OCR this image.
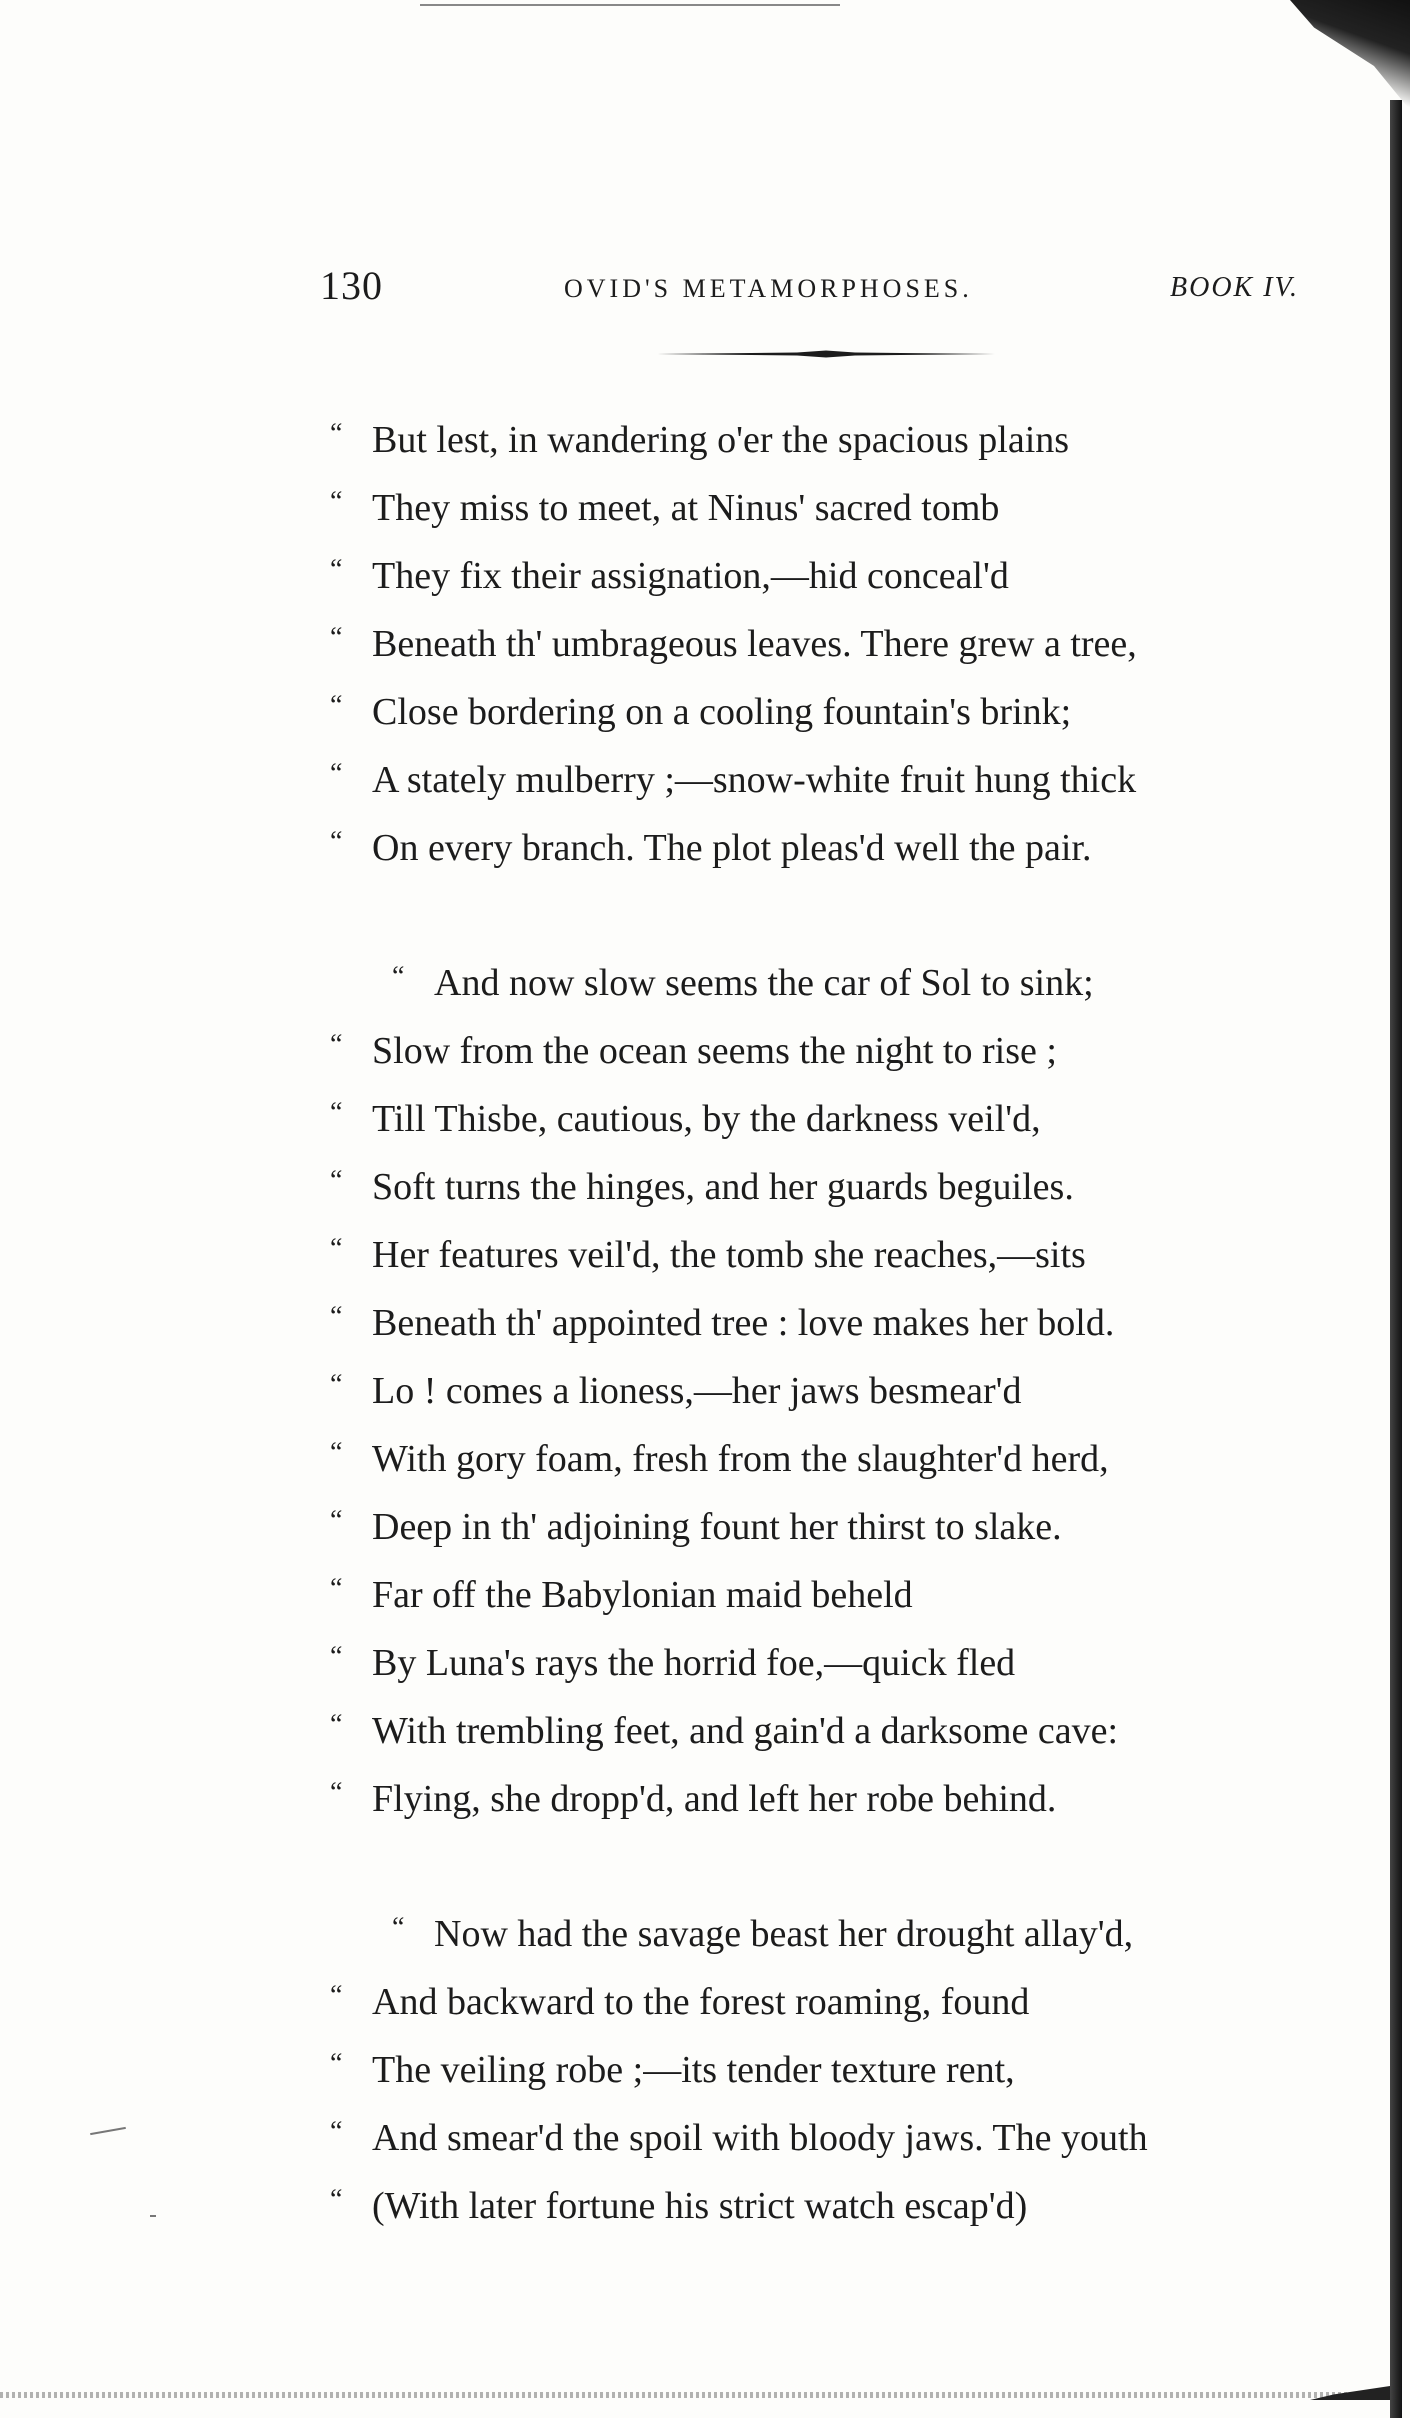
130	OVID'S METAMORPHOSES.	BOOK IV.
“ But lest, in wandering o'er the spacious plains
“ They miss to meet, at Ninus' sacred tomb
“ They fix their assignation,—hid conceal'd
“ Beneath th' umbrageous leaves. There grew a tree,
“ Close bordering on a cooling fountain's brink;
“ A stately mulberry ;—snow-white fruit hung thick
“ On every branch. The plot pleas'd well the pair.
“ And now slow seems the car of Sol to sink;
“ Slow from the ocean seems the night to rise ;
“ Till Thisbe, cautious, by the darkness veil'd,
“ Soft turns the hinges, and her guards beguiles.
“ Her features veil'd, the tomb she reaches,—sits
“ Beneath th' appointed tree : love makes her bold.
“ Lo ! comes a lioness,—her jaws besmear'd
“ With gory foam, fresh from the slaughter'd herd,
“ Deep in th' adjoining fount her thirst to slake.
“ Far off the Babylonian maid beheld
“ By Luna's rays the horrid foe,—quick fled
“ With trembling feet, and gain'd a darksome cave:
“ Flying, she dropp'd, and left her robe behind.
“ Now had the savage beast her drought allay'd,
“ And backward to the forest roaming, found
“ The veiling robe ;—its tender texture rent,
“ And smear'd the spoil with bloody jaws. The youth
“ (With later fortune his strict watch escap'd)
